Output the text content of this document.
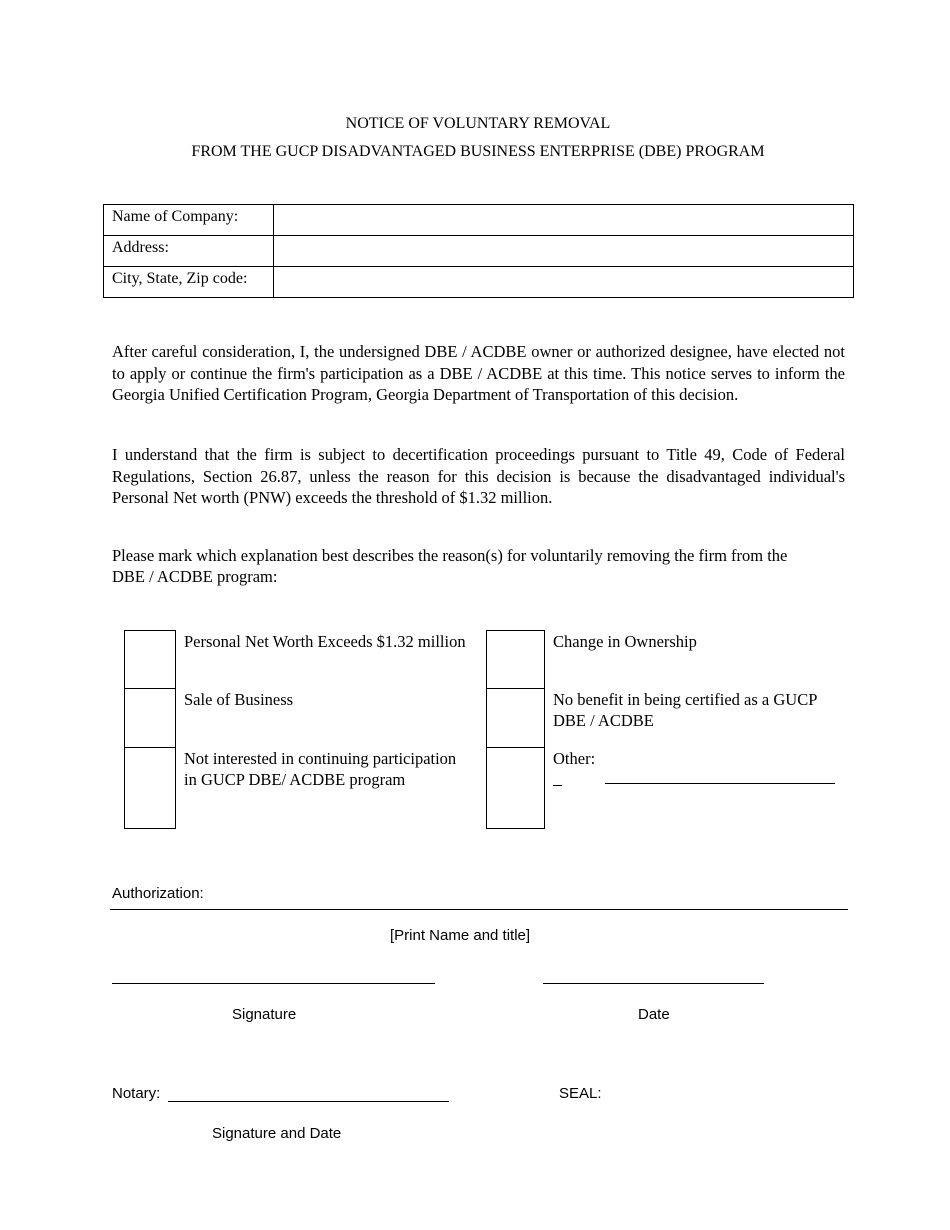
NOTICE OF VOLUNTARY REMOVAL
FROM THE GUCP DISADVANTAGED BUSINESS ENTERPRISE (DBE) PROGRAM
Name of Company:	
Address:	
City, State, Zip code:	

After careful consideration, I, the undersigned DBE / ACDBE owner or authorized designee, have elected not to apply or continue the firm's participation as a DBE / ACDBE at this time. This notice serves to inform the Georgia Unified Certification Program, Georgia Department of Transportation of this decision.

I understand that the firm is subject to decertification proceedings pursuant to Title 49, Code of Federal Regulations, Section 26.87, unless the reason for this decision is because the disadvantaged individual's Personal Net worth (PNW) exceeds the threshold of $1.32 million.

Please mark which explanation best describes the reason(s) for voluntarily removing the firm from the
DBE / ACDBE program:
Personal Net Worth Exceeds $1.32 million
Sale of Business
Not interested in continuing participation
in GUCP DBE/ ACDBE program
Change in Ownership
No benefit in being certified as a GUCP
DBE / ACDBE
Other:
Authorization:
[Print Name and title]
Signature	Date
Notary:	SEAL:
Signature and Date
